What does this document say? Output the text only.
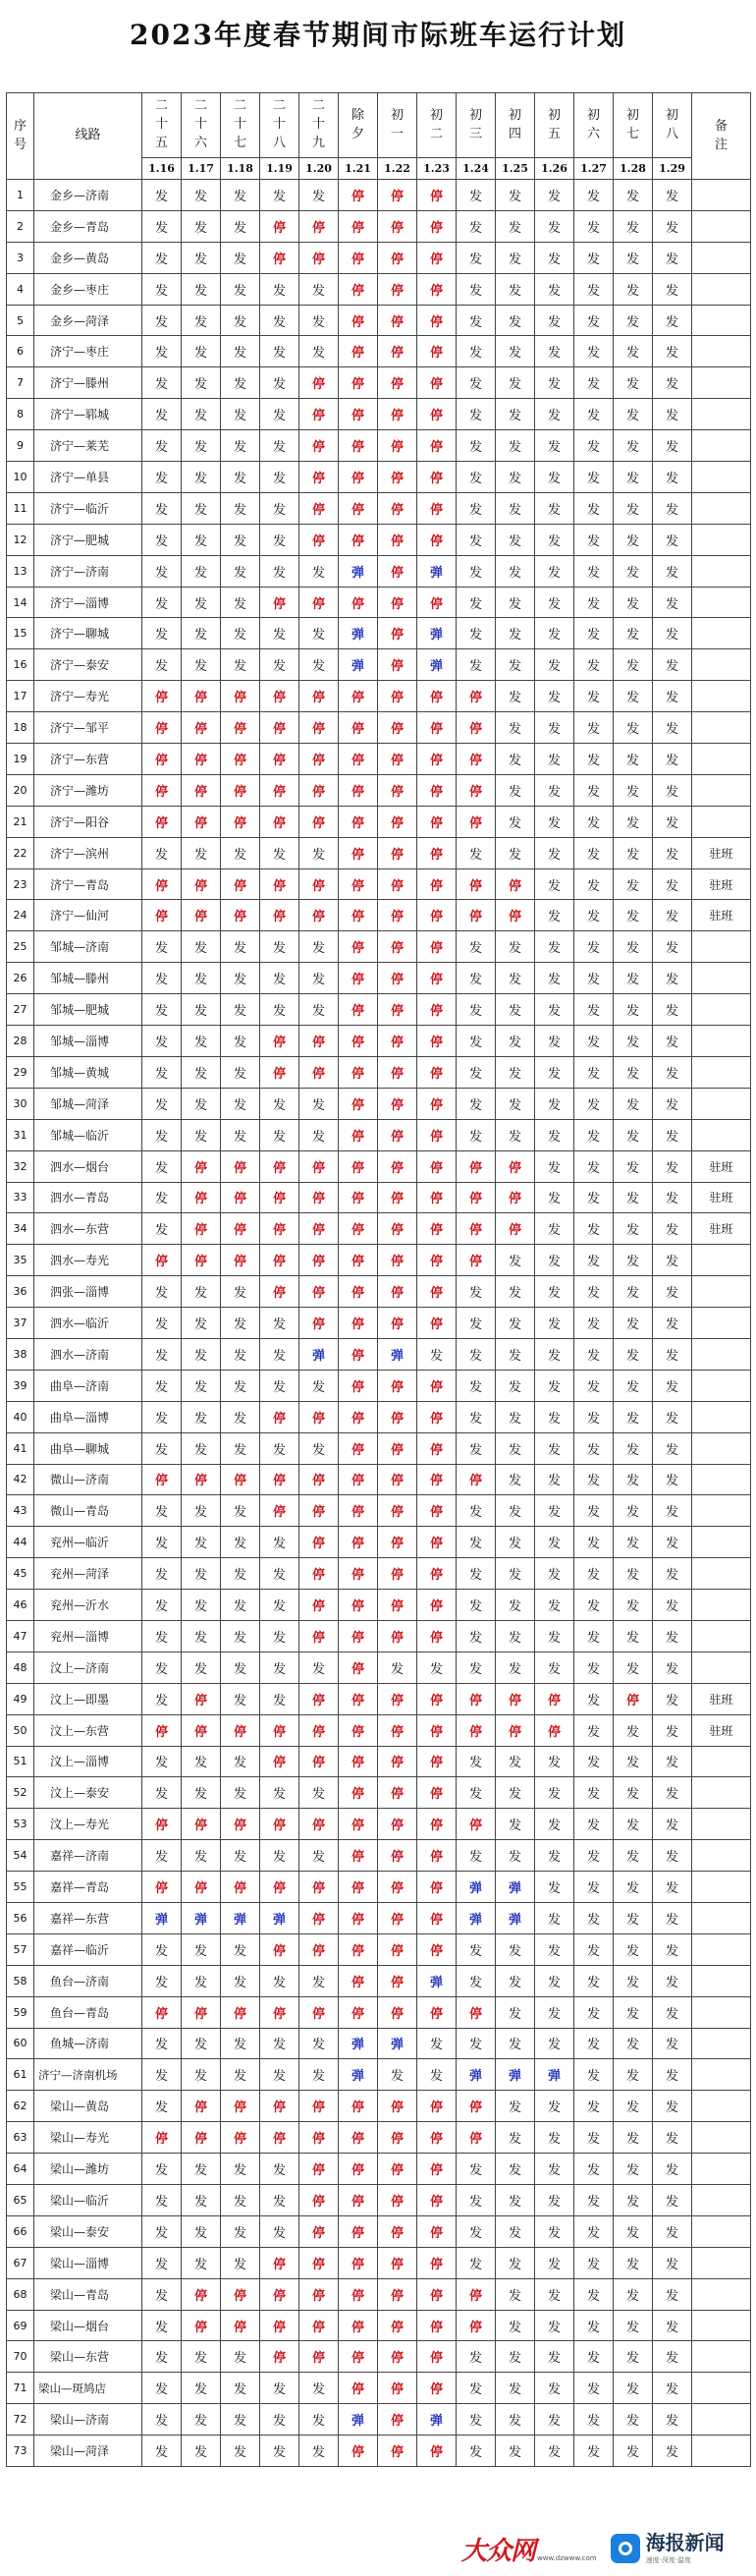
2023年度春节期间市际班车运行计划
序
号	线路	二
十
五	二
十
六	二
十
七	二
十
八	二
十
九	除
夕	初
一	初
二	初
三	初
四	初
五	初
六	初
七	初
八	备
注

		1.16	1.17	1.18	1.19	1.20	1.21	1.22	1.23	1.24	1.25	1.26	1.27	1.28	1.29	
1	金乡—济南	发	发	发	发	发	停	停	停	发	发	发	发	发	发	
2	金乡—青岛	发	发	发	停	停	停	停	停	发	发	发	发	发	发	
3	金乡—黄岛	发	发	发	停	停	停	停	停	发	发	发	发	发	发	
4	金乡—枣庄	发	发	发	发	发	停	停	停	发	发	发	发	发	发	
5	金乡—菏泽	发	发	发	发	发	停	停	停	发	发	发	发	发	发	
6	济宁—枣庄	发	发	发	发	发	停	停	停	发	发	发	发	发	发	
7	济宁—滕州	发	发	发	发	停	停	停	停	发	发	发	发	发	发	
8	济宁—郓城	发	发	发	发	停	停	停	停	发	发	发	发	发	发	
9	济宁—莱芜	发	发	发	发	停	停	停	停	发	发	发	发	发	发	
10	济宁—单县	发	发	发	发	停	停	停	停	发	发	发	发	发	发	
11	济宁—临沂	发	发	发	发	停	停	停	停	发	发	发	发	发	发	
12	济宁—肥城	发	发	发	发	停	停	停	停	发	发	发	发	发	发	
13	济宁—济南	发	发	发	发	发	弹	停	弹	发	发	发	发	发	发	
14	济宁—淄博	发	发	发	停	停	停	停	停	发	发	发	发	发	发	
15	济宁—聊城	发	发	发	发	发	弹	停	弹	发	发	发	发	发	发	
16	济宁—泰安	发	发	发	发	发	弹	停	弹	发	发	发	发	发	发	
17	济宁—寿光	停	停	停	停	停	停	停	停	停	发	发	发	发	发	
18	济宁—邹平	停	停	停	停	停	停	停	停	停	发	发	发	发	发	
19	济宁—东营	停	停	停	停	停	停	停	停	停	发	发	发	发	发	
20	济宁—潍坊	停	停	停	停	停	停	停	停	停	发	发	发	发	发	
21	济宁—阳谷	停	停	停	停	停	停	停	停	停	发	发	发	发	发	
22	济宁—滨州	发	发	发	发	发	停	停	停	发	发	发	发	发	发	驻班
23	济宁—青岛	停	停	停	停	停	停	停	停	停	停	发	发	发	发	驻班
24	济宁—仙河	停	停	停	停	停	停	停	停	停	停	发	发	发	发	驻班
25	邹城—济南	发	发	发	发	发	停	停	停	发	发	发	发	发	发	
26	邹城—滕州	发	发	发	发	发	停	停	停	发	发	发	发	发	发	
27	邹城—肥城	发	发	发	发	发	停	停	停	发	发	发	发	发	发	
28	邹城—淄博	发	发	发	停	停	停	停	停	发	发	发	发	发	发	
29	邹城—黄城	发	发	发	停	停	停	停	停	发	发	发	发	发	发	
30	邹城—菏泽	发	发	发	发	发	停	停	停	发	发	发	发	发	发	
31	邹城—临沂	发	发	发	发	发	停	停	停	发	发	发	发	发	发	
32	泗水—烟台	发	停	停	停	停	停	停	停	停	停	发	发	发	发	驻班
33	泗水—青岛	发	停	停	停	停	停	停	停	停	停	发	发	发	发	驻班
34	泗水—东营	发	停	停	停	停	停	停	停	停	停	发	发	发	发	驻班
35	泗水—寿光	停	停	停	停	停	停	停	停	停	发	发	发	发	发	
36	泗张—淄博	发	发	发	停	停	停	停	停	发	发	发	发	发	发	
37	泗水—临沂	发	发	发	发	停	停	停	停	发	发	发	发	发	发	
38	泗水—济南	发	发	发	发	弹	停	弹	发	发	发	发	发	发	发	
39	曲阜—济南	发	发	发	发	发	停	停	停	发	发	发	发	发	发	
40	曲阜—淄博	发	发	发	停	停	停	停	停	发	发	发	发	发	发	
41	曲阜—聊城	发	发	发	发	发	停	停	停	发	发	发	发	发	发	
42	微山—济南	停	停	停	停	停	停	停	停	停	发	发	发	发	发	
43	微山—青岛	发	发	发	停	停	停	停	停	发	发	发	发	发	发	
44	兖州—临沂	发	发	发	发	停	停	停	停	发	发	发	发	发	发	
45	兖州—菏泽	发	发	发	发	停	停	停	停	发	发	发	发	发	发	
46	兖州—沂水	发	发	发	发	停	停	停	停	发	发	发	发	发	发	
47	兖州—淄博	发	发	发	发	停	停	停	停	发	发	发	发	发	发	
48	汶上—济南	发	发	发	发	发	停	发	发	发	发	发	发	发	发	
49	汶上—即墨	发	停	发	发	停	停	停	停	停	停	停	发	停	发	驻班
50	汶上—东营	停	停	停	停	停	停	停	停	停	停	停	发	发	发	驻班
51	汶上—淄博	发	发	发	停	停	停	停	停	发	发	发	发	发	发	
52	汶上—泰安	发	发	发	发	发	停	停	停	发	发	发	发	发	发	
53	汶上—寿光	停	停	停	停	停	停	停	停	停	发	发	发	发	发	
54	嘉祥—济南	发	发	发	发	发	停	停	停	发	发	发	发	发	发	
55	嘉祥—青岛	停	停	停	停	停	停	停	停	弹	弹	发	发	发	发	
56	嘉祥—东营	弹	弹	弹	弹	停	停	停	停	弹	弹	发	发	发	发	
57	嘉祥—临沂	发	发	发	停	停	停	停	停	发	发	发	发	发	发	
58	鱼台—济南	发	发	发	发	发	停	停	弹	发	发	发	发	发	发	
59	鱼台—青岛	停	停	停	停	停	停	停	停	停	发	发	发	发	发	
60	鱼城—济南	发	发	发	发	发	弹	弹	发	发	发	发	发	发	发	
61	济宁—济南机场	发	发	发	发	发	弹	发	发	弹	弹	弹	发	发	发	
62	梁山—黄岛	发	停	停	停	停	停	停	停	停	发	发	发	发	发	
63	梁山—寿光	停	停	停	停	停	停	停	停	停	发	发	发	发	发	
64	梁山—潍坊	发	发	发	发	停	停	停	停	发	发	发	发	发	发	
65	梁山—临沂	发	发	发	发	停	停	停	停	发	发	发	发	发	发	
66	梁山—泰安	发	发	发	发	停	停	停	停	发	发	发	发	发	发	
67	梁山—淄博	发	发	发	停	停	停	停	停	发	发	发	发	发	发	
68	梁山—青岛	发	停	停	停	停	停	停	停	停	发	发	发	发	发	
69	梁山—烟台	发	停	停	停	停	停	停	停	停	发	发	发	发	发	
70	梁山—东营	发	发	发	停	停	停	停	停	发	发	发	发	发	发	
71	梁山—斑鸠店	发	发	发	发	发	停	停	停	发	发	发	发	发	发	
72	梁山—济南	发	发	发	发	发	弹	停	弹	发	发	发	发	发	发	
73	梁山—菏泽	发	发	发	发	发	停	停	停	发	发	发	发	发	发	
大众网 www.dzwww.com
海报新闻
速度·深度·温度
